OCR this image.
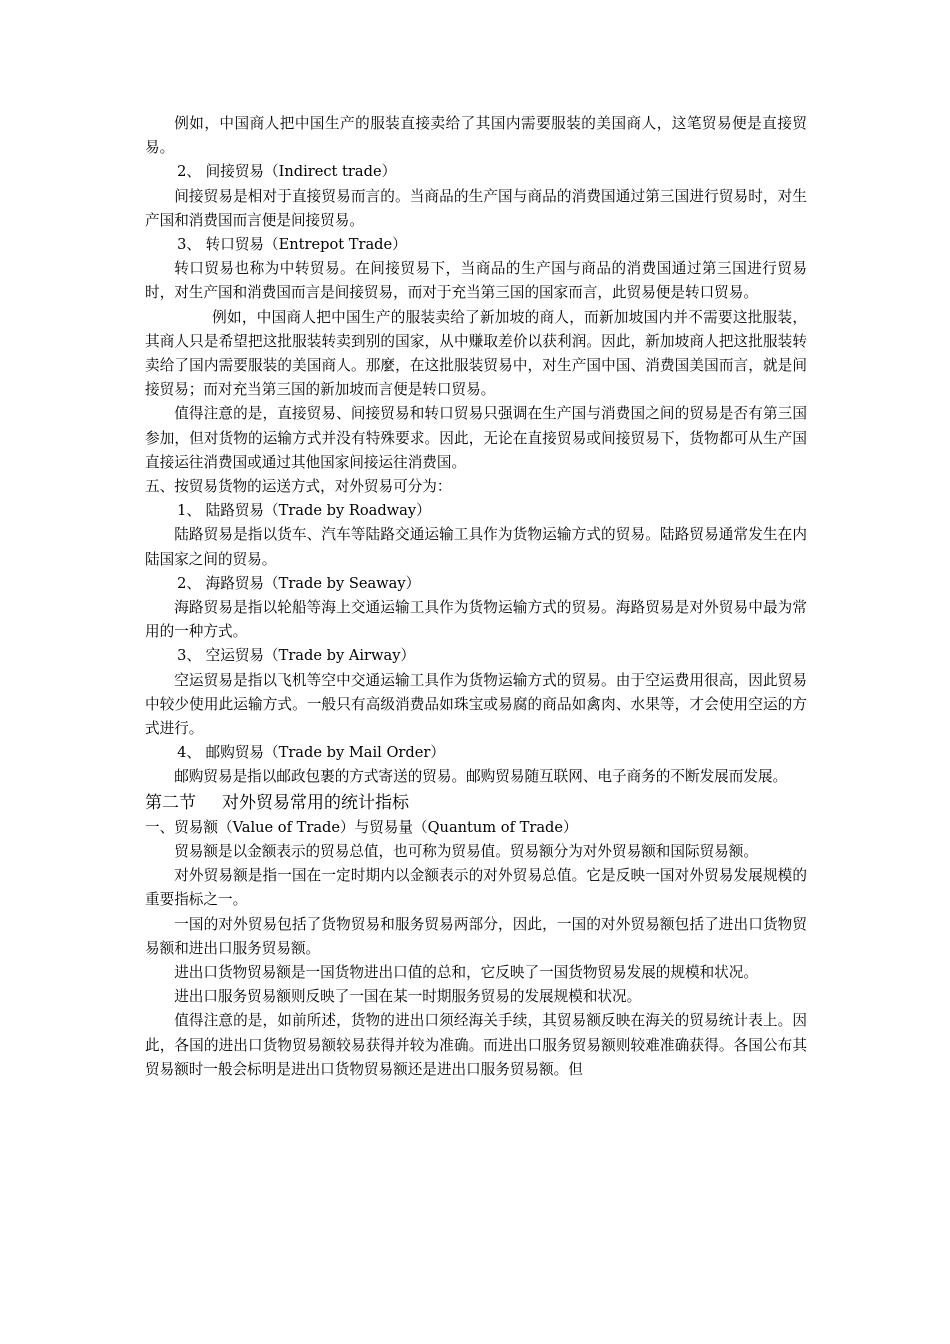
例如，中国商人把中国生产的服装直接卖给了其国内需要服装的美国商人，这笔贸易便是直接贸易。

2、 间接贸易（Indirect trade）

间接贸易是相对于直接贸易而言的。当商品的生产国与商品的消费国通过第三国进行贸易时，对生产国和消费国而言便是间接贸易。

3、 转口贸易（Entrepot Trade）

转口贸易也称为中转贸易。在间接贸易下，当商品的生产国与商品的消费国通过第三国进行贸易时，对生产国和消费国而言是间接贸易，而对于充当第三国的国家而言，此贸易便是转口贸易。

例如，中国商人把中国生产的服装卖给了新加坡的商人，而新加坡国内并不需要这批服装，其商人只是希望把这批服装转卖到别的国家，从中赚取差价以获利润。因此，新加坡商人把这批服装转卖给了国内需要服装的美国商人。那麼，在这批服装贸易中，对生产国中国、消费国美国而言，就是间接贸易；而对充当第三国的新加坡而言便是转口贸易。

值得注意的是，直接贸易、间接贸易和转口贸易只强调在生产国与消费国之间的贸易是否有第三国参加，但对货物的运输方式并没有特殊要求。因此，无论在直接贸易或间接贸易下，货物都可从生产国直接运往消费国或通过其他国家间接运往消费国。

五、按贸易货物的运送方式，对外贸易可分为：

1、 陆路贸易（Trade by Roadway）

陆路贸易是指以货车、汽车等陆路交通运输工具作为货物运输方式的贸易。陆路贸易通常发生在内陆国家之间的贸易。

2、 海路贸易（Trade by Seaway）

海路贸易是指以轮船等海上交通运输工具作为货物运输方式的贸易。海路贸易是对外贸易中最为常用的一种方式。

3、 空运贸易（Trade by Airway）

空运贸易是指以飞机等空中交通运输工具作为货物运输方式的贸易。由于空运费用很高，因此贸易中较少使用此运输方式。一般只有高级消费品如珠宝或易腐的商品如禽肉、水果等，才会使用空运的方式进行。

4、 邮购贸易（Trade by Mail Order）

邮购贸易是指以邮政包裹的方式寄送的贸易。邮购贸易随互联网、电子商务的不断发展而发展。

第二节 对外贸易常用的统计指标

一、贸易额（Value of Trade）与贸易量（Quantum of Trade）

贸易额是以金额表示的贸易总值，也可称为贸易值。贸易额分为对外贸易额和国际贸易额。

对外贸易额是指一国在一定时期内以金额表示的对外贸易总值。它是反映一国对外贸易发展规模的重要指标之一。

一国的对外贸易包括了货物贸易和服务贸易两部分，因此，一国的对外贸易额包括了进出口货物贸易额和进出口服务贸易额。

进出口货物贸易额是一国货物进出口值的总和，它反映了一国货物贸易发展的规模和状况。

进出口服务贸易额则反映了一国在某一时期服务贸易的发展规模和状况。

值得注意的是，如前所述，货物的进出口须经海关手续，其贸易额反映在海关的贸易统计表上。因此，各国的进出口货物贸易额较易获得并较为准确。而进出口服务贸易额则较难准确获得。各国公布其贸易额时一般会标明是进出口货物贸易额还是进出口服务贸易额。但
